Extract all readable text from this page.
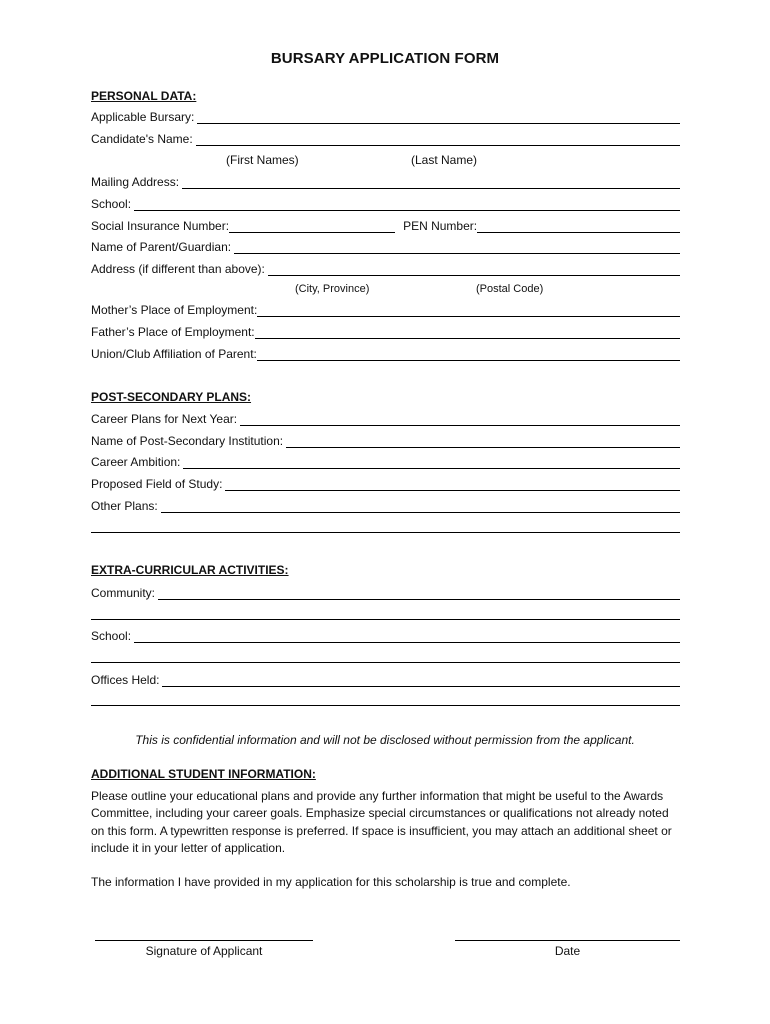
BURSARY APPLICATION FORM
PERSONAL DATA:
Applicable Bursary:
Candidate's Name:
(First Names)	(Last Name)
Mailing Address:
School:
Social Insurance Number:	PEN Number:
Name of Parent/Guardian:
Address (if different than above):
(City, Province)	(Postal Code)
Mother’s Place of Employment:
Father’s Place of Employment:
Union/Club Affiliation of Parent:
POST-SECONDARY PLANS:
Career Plans for Next Year:
Name of Post-Secondary Institution:
Career Ambition:
Proposed Field of Study:
Other Plans:
EXTRA-CURRICULAR ACTIVITIES:
Community:
School:
Offices Held:
This is confidential information and will not be disclosed without permission from the applicant.
ADDITIONAL STUDENT INFORMATION:
Please outline your educational plans and provide any further information that might be useful to the Awards Committee, including your career goals. Emphasize special circumstances or qualifications not already noted on this form. A typewritten response is preferred. If space is insufficient, you may attach an additional sheet or include it in your letter of application.
The information I have provided in my application for this scholarship is true and complete.
Signature of Applicant	Date
